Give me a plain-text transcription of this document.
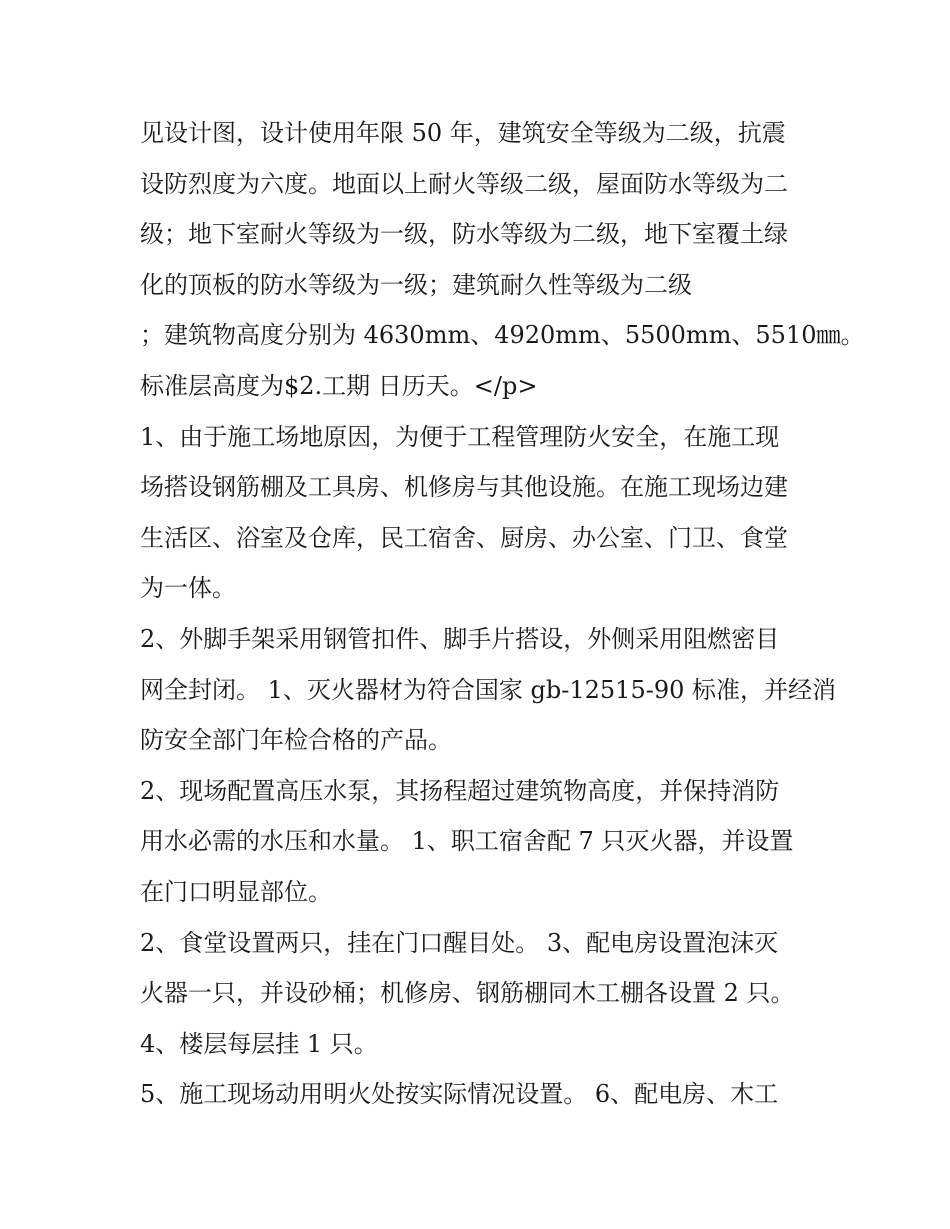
见设计图，设计使用年限 50 年，建筑安全等级为二级，抗震
设防烈度为六度。地面以上耐火等级二级，屋面防水等级为二
级；地下室耐火等级为一级，防水等级为二级，地下室覆土绿
化的顶板的防水等级为一级；建筑耐久性等级为二级
；建筑物高度分别为 4630mm、4920mm、5500mm、5510㎜。
标准层高度为$2.工期 日历天。</p>
1、由于施工场地原因，为便于工程管理防火安全，在施工现
场搭设钢筋棚及工具房、机修房与其他设施。在施工现场边建
生活区、浴室及仓库，民工宿舍、厨房、办公室、门卫、食堂
为一体。
2、外脚手架采用钢管扣件、脚手片搭设，外侧采用阻燃密目
网全封闭。 1、灭火器材为符合国家 gb-12515-90 标准，并经消
防安全部门年检合格的产品。
2、现场配置高压水泵，其扬程超过建筑物高度，并保持消防
用水必需的水压和水量。 1、职工宿舍配 7 只灭火器，并设置
在门口明显部位。
2、食堂设置两只，挂在门口醒目处。 3、配电房设置泡沫灭
火器一只，并设砂桶；机修房、钢筋棚同木工棚各设置 2 只。
4、楼层每层挂 1 只。
5、施工现场动用明火处按实际情况设置。 6、配电房、木工
